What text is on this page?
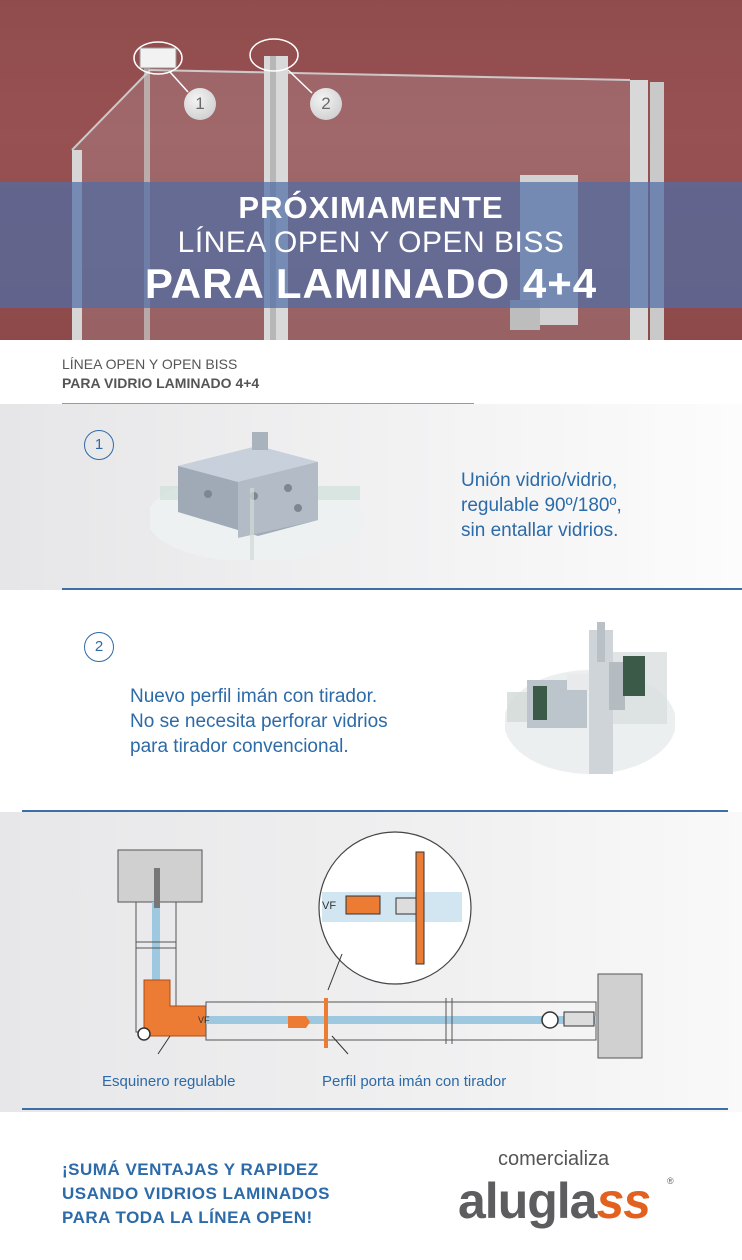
1	2
PRÓXIMAMENTE
LÍNEA OPEN Y OPEN BISS
PARA LAMINADO 4+4
LÍNEA OPEN Y OPEN BISS
PARA VIDRIO LAMINADO 4+4
1
Unión vidrio/vidrio,
regulable 90º/180º,
sin entallar vidrios.
2
Nuevo perfil imán con tirador.
No se necesita perforar vidrios
para tirador convencional.
VF
VF
Esquinero regulable	Perfil porta imán con tirador
¡SUMÁ VENTAJAS Y RAPIDEZ
USANDO VIDRIOS LAMINADOS
PARA TODA LA LÍNEA OPEN!
comercializa
aluglass ®
